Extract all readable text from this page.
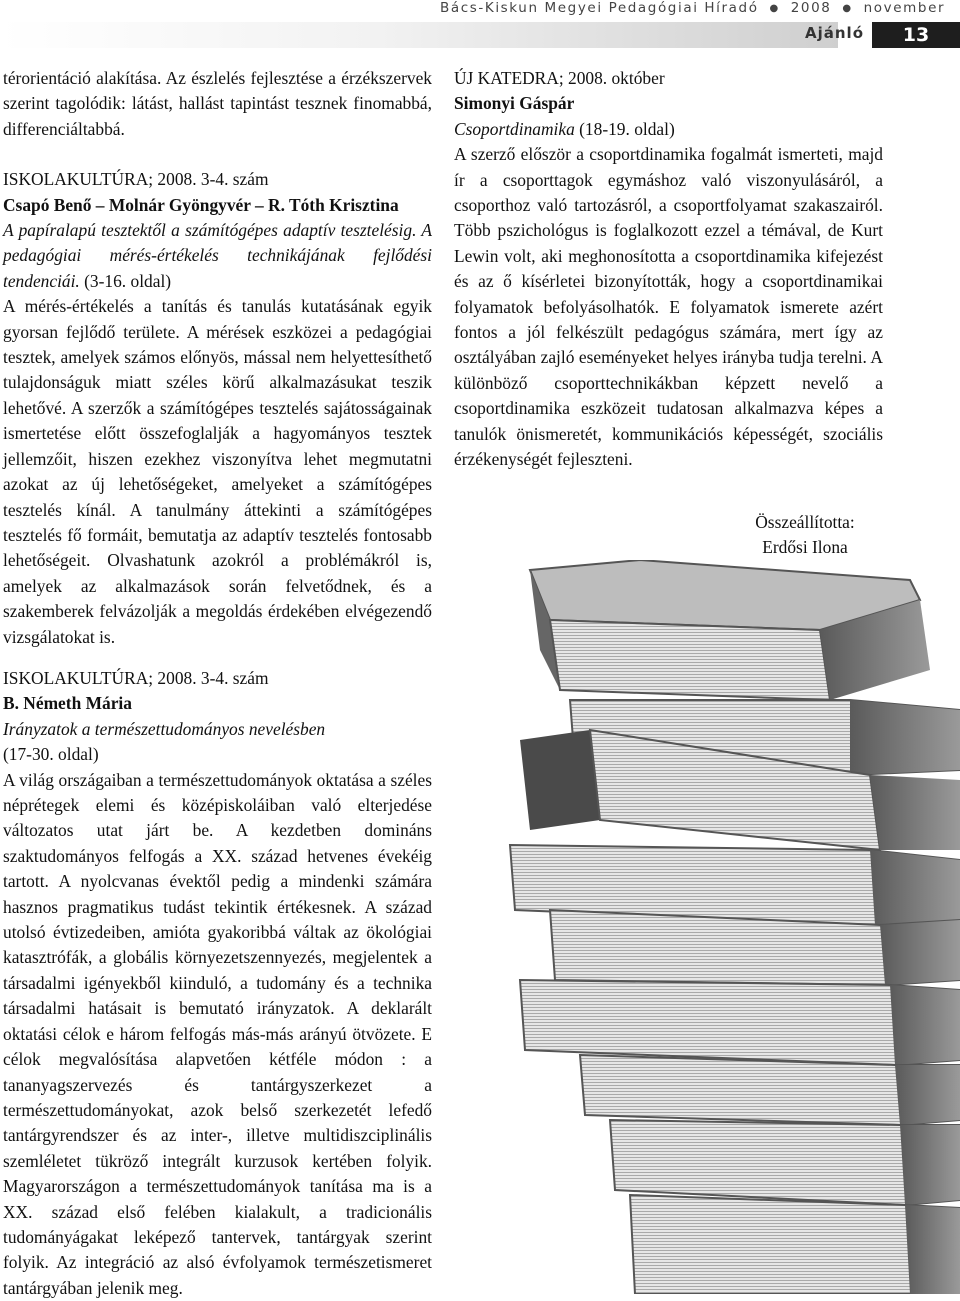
Bács-Kiskun Megyei Pedagógiai Híradó ● 2008 ● november
Ajánló	13

térorientáció alakítása. Az észlelés fejlesztése a érzékszervek szerint tagolódik: látást, hallást tapintást tesznek finomabbá, differenciáltabbá.

ISKOLAKULTÚRA; 2008. 3-4. szám

Csapó Benő – Molnár Gyöngyvér – R. Tóth Krisztina

A papíralapú tesztektől a számítógépes adaptív tesztelésig. A pedagógiai mérés-értékelés technikájának fejlődési tendenciái. (3-16. oldal)

A mérés-értékelés a tanítás és tanulás kutatásának egyik gyorsan fejlődő területe. A mérések eszközei a pedagógiai tesztek, amelyek számos előnyös, mással nem helyettesíthető tulajdonságuk miatt széles körű alkalmazásukat teszik lehetővé. A szerzők a számítógépes tesztelés sajátosságainak ismertetése előtt összefoglalják a hagyományos tesztek jellemzőit, hiszen ezekhez viszonyítva lehet megmutatni azokat az új lehetőségeket, amelyeket a számítógépes tesztelés kínál. A tanulmány áttekinti a számítógépes tesztelés fő formáit, bemutatja az adaptív tesztelés fontosabb lehetőségeit. Olvashatunk azokról a problémákról is, amelyek az alkalmazások során felvetődnek, és a szakemberek felvázolják a megoldás érdekében elvégezendő vizsgálatokat is.

ISKOLAKULTÚRA; 2008. 3-4. szám

B. Németh Mária

Irányzatok a természettudományos nevelésben

(17-30. oldal)

A világ országaiban a természettudományok oktatása a széles néprétegek elemi és középiskoláiban való elterjedése változatos utat járt be. A kezdetben domináns szaktudományos felfogás a XX. század hetvenes évekéig tartott. A nyolcvanas évektől pedig a mindenki számára hasznos pragmatikus tudást tekintik értékesnek. A század utolsó évtizedeiben, amióta gyakoribbá váltak az ökológiai katasztrófák, a globális környezetszennyezés, megjelentek a társadalmi igényekből kiinduló, a tudomány és a technika társadalmi hatásait is bemutató irányzatok. A deklarált oktatási célok e három felfogás más-más arányú ötvözete. E célok megvalósítása alapvetően kétféle módon : a tananyagszervezés és tantárgyszerkezet a természettudományokat, azok belső szerkezetét lefedő tantárgyrendszer és az inter-, illetve multidiszciplinális szemléletet tükröző integrált kurzusok kertében folyik. Magyarországon a természettudományok tanítása ma is a XX. század első felében kialakult, a tradicionális tudományágakat leképező tantervek, tantárgyak szerint folyik. Az integráció az alsó évfolyamok természetismeret tantárgyában jelenik meg.

ÚJ KATEDRA; 2008. október

Simonyi Gáspár

Csoportdinamika (18-19. oldal)

A szerző először a csoportdinamika fogalmát ismerteti, majd ír a csoporttagok egymáshoz való viszonyulásáról, a csoporthoz való tartozásról, a csoportfolyamat szakaszairól. Több pszichológus is foglalkozott ezzel a témával, de Kurt Lewin volt, aki meghonosította a csoportdinamika kifejezést és az ő kísérletei bizonyították, hogy a csoportdinamikai folyamatok befolyásolhatók. E folyamatok ismerete azért fontos a jól felkészült pedagógus számára, mert így az osztályában zajló eseményeket helyes irányba tudja terelni. A különböző csoporttechnikákban képzett nevelő a csoportdinamika eszközeit tudatosan alkalmazva képes a tanulók önismeretét, kommunikációs képességét, szociális érzékenységét fejleszteni.

Összeállította:
Erdősi Ilona
